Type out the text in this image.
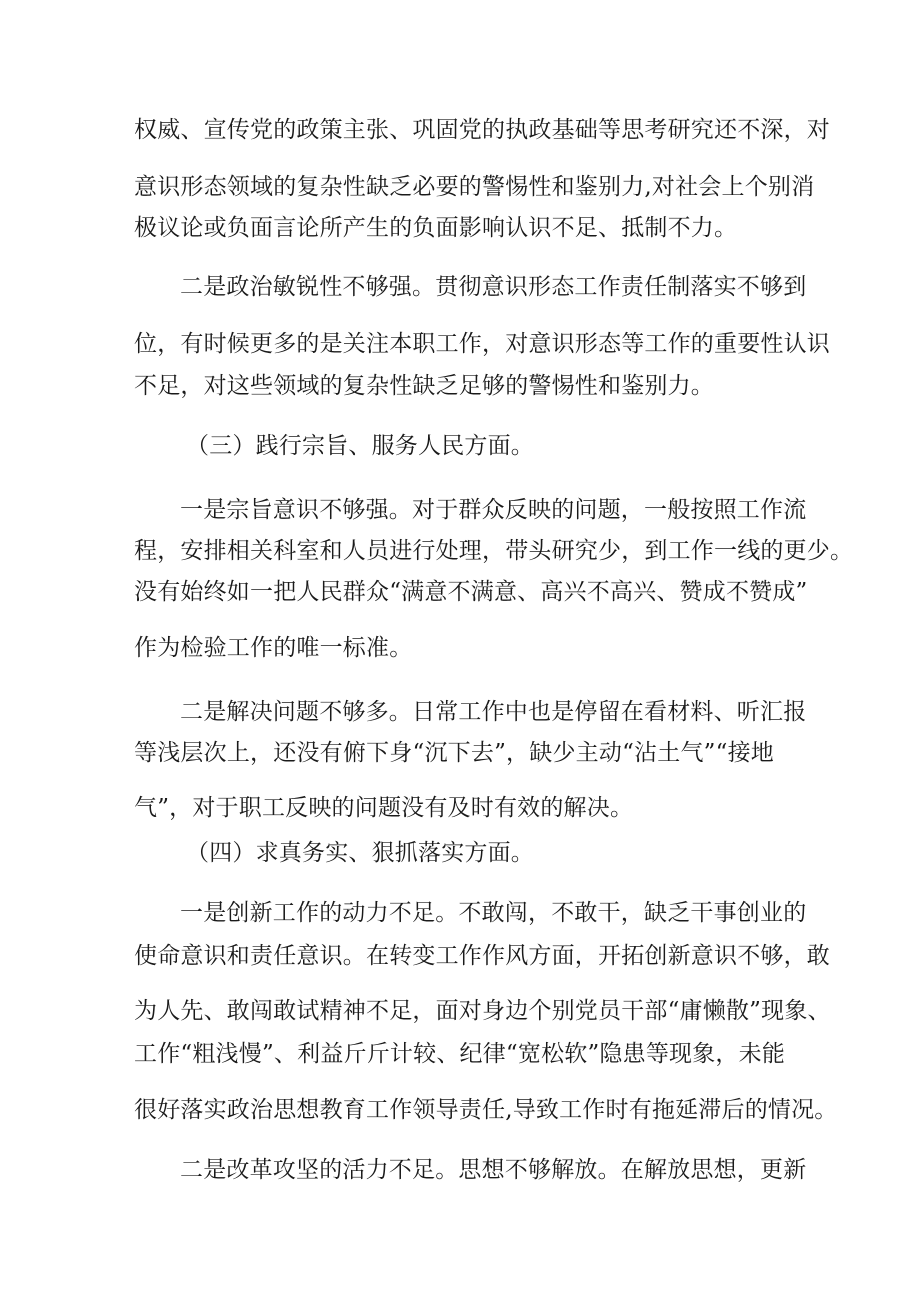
权威、宣传党的政策主张、巩固党的执政基础等思考研究还不深，对
意识形态领域的复杂性缺乏必要的警惕性和鉴别力,对社会上个别消
极议论或负面言论所产生的负面影响认识不足、抵制不力。
二是政治敏锐性不够强。贯彻意识形态工作责任制落实不够到
位，有时候更多的是关注本职工作，对意识形态等工作的重要性认识
不足，对这些领域的复杂性缺乏足够的警惕性和鉴别力。
（三）践行宗旨、服务人民方面。
一是宗旨意识不够强。对于群众反映的问题，一般按照工作流
程，安排相关科室和人员进行处理，带头研究少，到工作一线的更少。
没有始终如一把人民群众“满意不满意、高兴不高兴、赞成不赞成”
作为检验工作的唯一标准。
二是解决问题不够多。日常工作中也是停留在看材料、听汇报
等浅层次上，还没有俯下身“沉下去”，缺少主动“沾土气”“接地
气”，对于职工反映的问题没有及时有效的解决。
（四）求真务实、狠抓落实方面。
一是创新工作的动力不足。不敢闯，不敢干，缺乏干事创业的
使命意识和责任意识。在转变工作作风方面，开拓创新意识不够，敢
为人先、敢闯敢试精神不足，面对身边个别党员干部“庸懒散”现象、
工作“粗浅慢”、利益斤斤计较、纪律“宽松软”隐患等现象，未能
很好落实政治思想教育工作领导责任,导致工作时有拖延滞后的情况。
二是改革攻坚的活力不足。思想不够解放。在解放思想，更新
